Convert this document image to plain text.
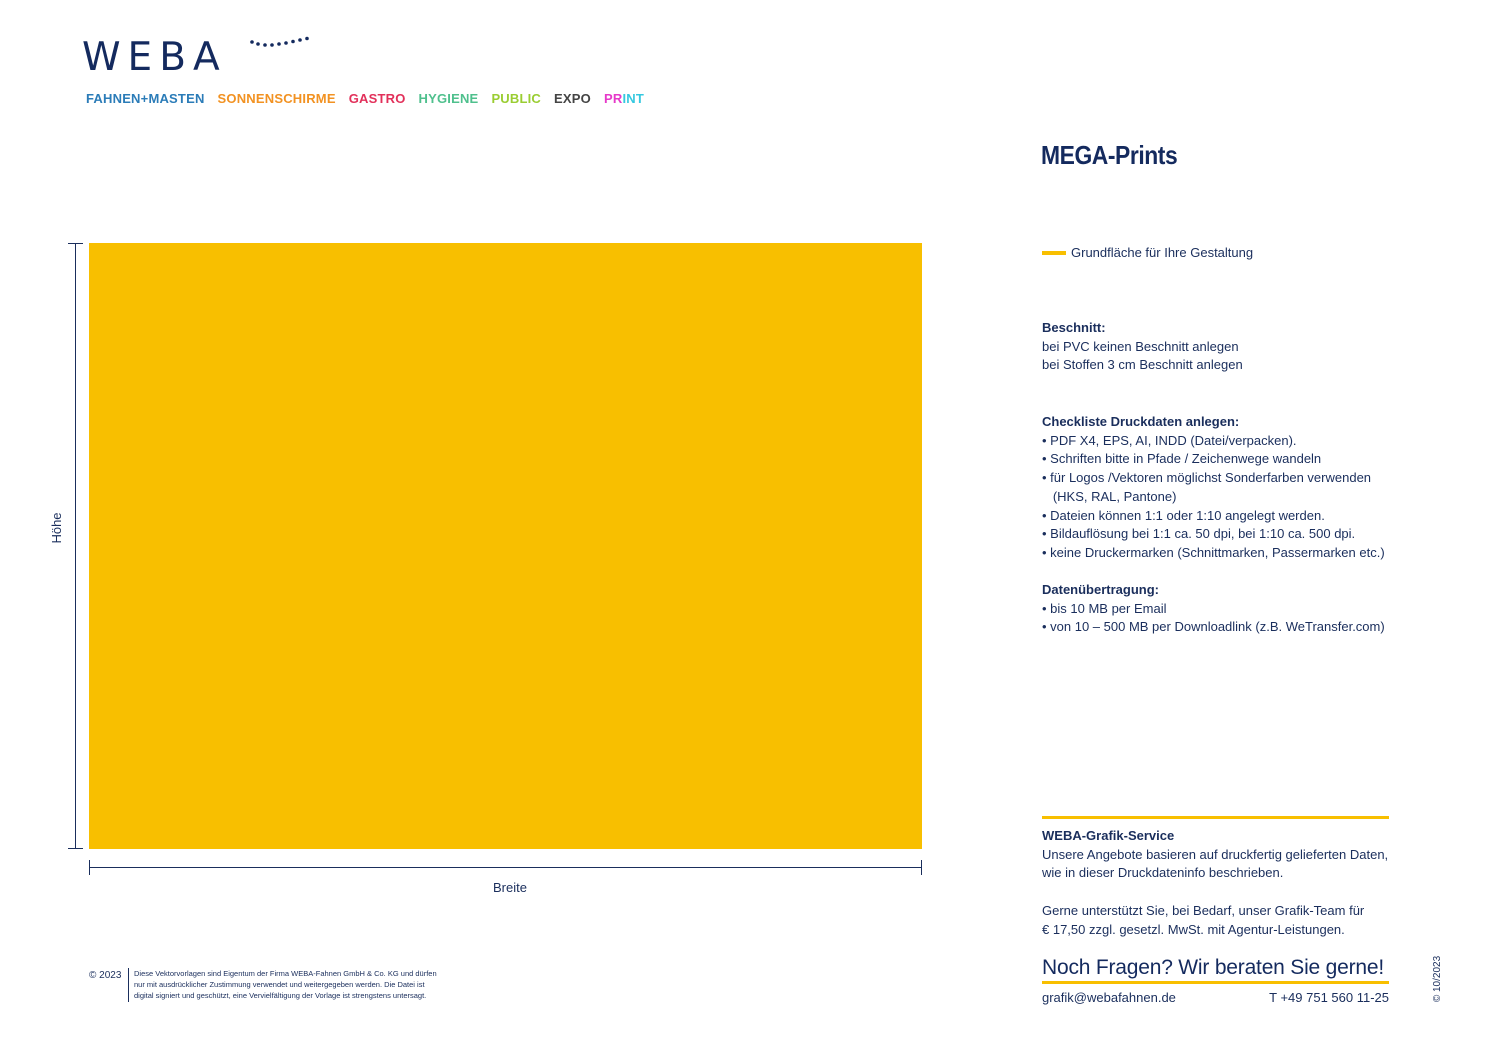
WEBA
FAHNEN+MASTEN SONNENSCHIRME GASTRO HYGIENE PUBLIC EXPO PRINT
Höhe
Breite
MEGA-Prints
Grundfläche für Ihre Gestaltung
Beschnitt:
bei PVC keinen Beschnitt anlegen
bei Stoffen 3 cm Beschnitt anlegen
Checkliste Druckdaten anlegen:
• PDF X4, EPS, AI, INDD (Datei/verpacken).
• Schriften bitte in Pfade / Zeichenwege wandeln
• für Logos /Vektoren möglichst Sonderfarben verwenden
(HKS, RAL, Pantone)
• Dateien können 1:1 oder 1:10 angelegt werden.
• Bildauflösung bei 1:1 ca. 50 dpi, bei 1:10 ca. 500 dpi.
• keine Druckermarken (Schnittmarken, Passermarken etc.)
Datenübertragung:
• bis 10 MB per Email
• von 10 – 500 MB per Downloadlink (z.B. WeTransfer.com)
WEBA-Grafik-Service
Unsere Angebote basieren auf druckfertig gelieferten Daten,
wie in dieser Druckdateninfo beschrieben.
Gerne unterstützt Sie, bei Bedarf, unser Grafik-Team für
€ 17,50 zzgl. gesetzl. MwSt. mit Agentur-Leistungen.
Noch Fragen? Wir beraten Sie gerne!
grafik@webafahnen.de	T +49 751 560 11-25	© 10/2023
© 2023 Diese Vektorvorlagen sind Eigentum der Firma WEBA-Fahnen GmbH & Co. KG und dürfen
nur mit ausdrücklicher Zustimmung verwendet und weitergegeben werden. Die Datei ist
digital signiert und geschützt, eine Vervielfältigung der Vorlage ist strengstens untersagt.
